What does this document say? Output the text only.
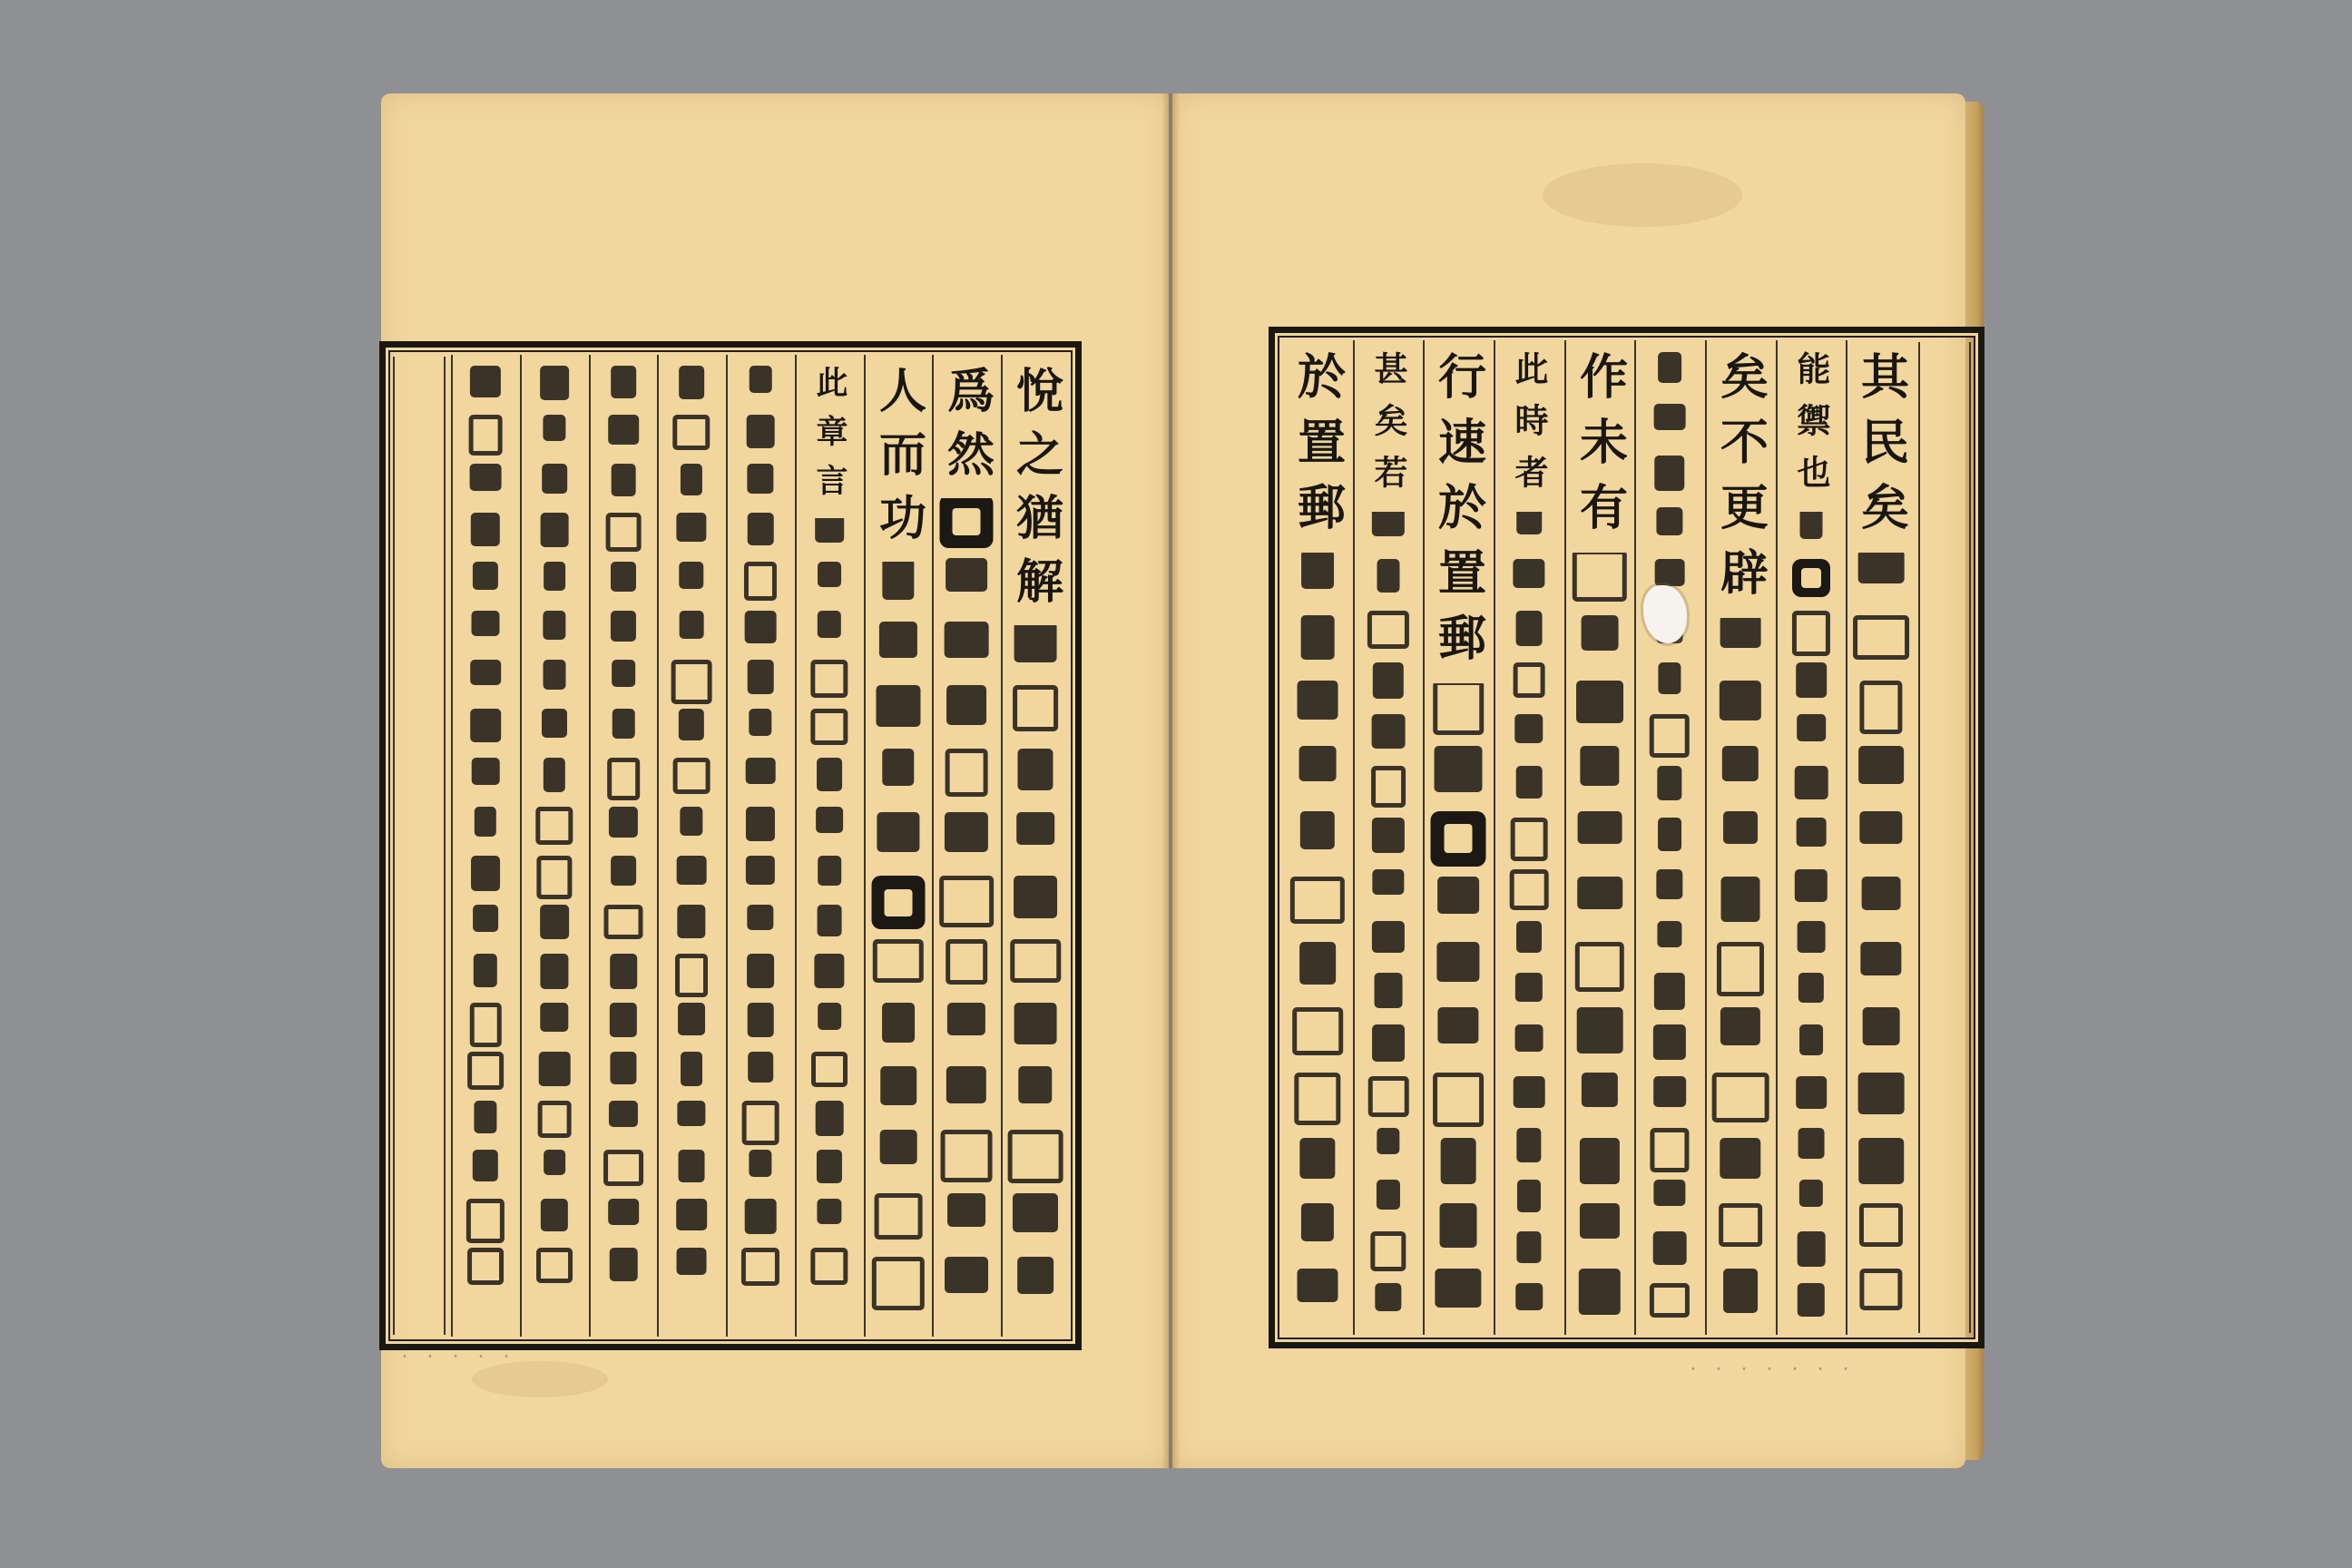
此章言 人而功 爲然 悅之猶解	於置郵 甚矣若 行速於置郵 此時者 作未有 矣不更辟 能禦也 其民矣
· · · · ·
· · · · · · ·
